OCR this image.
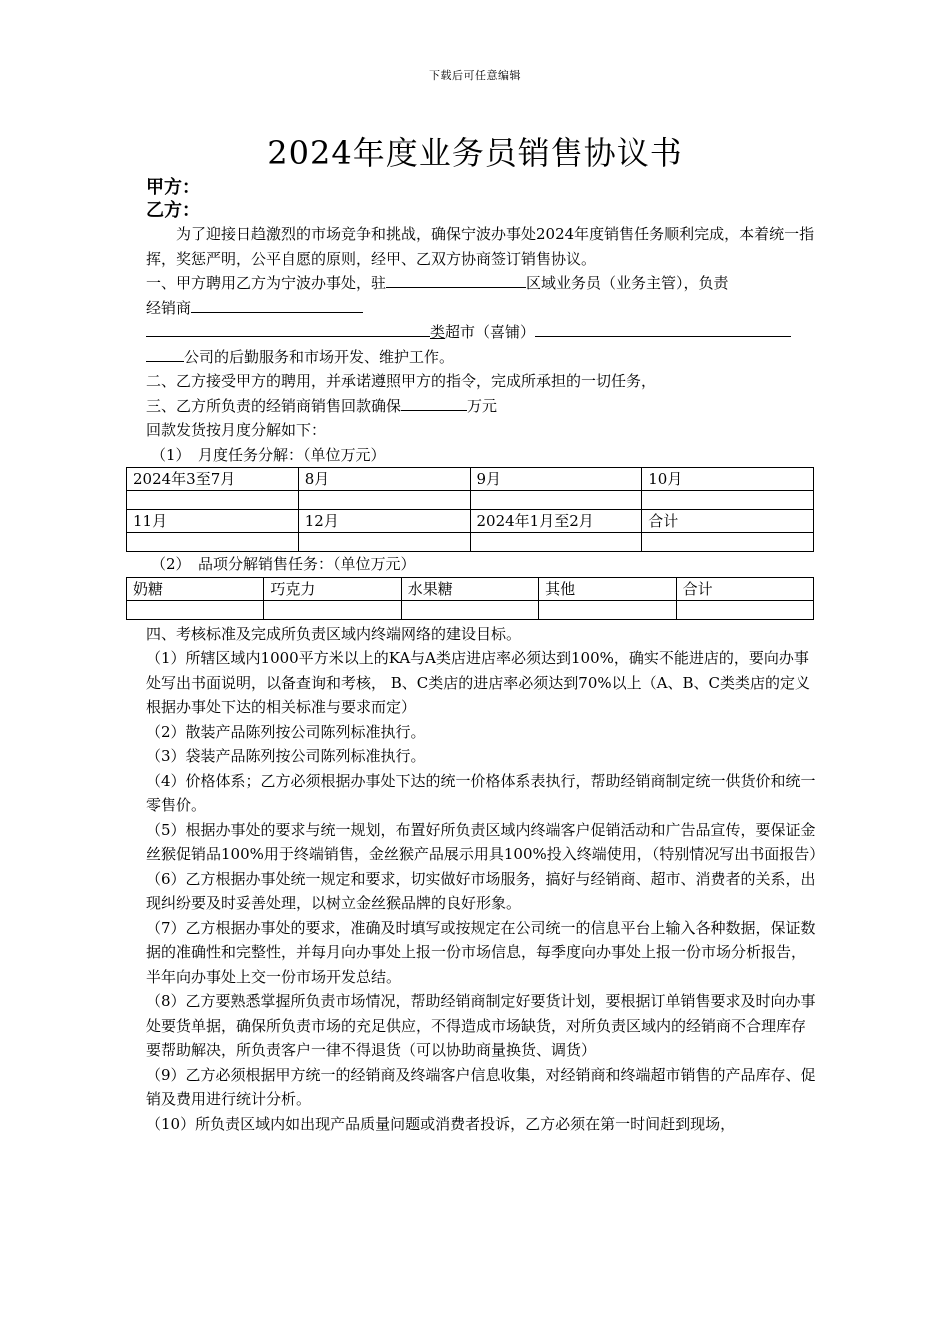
下载后可任意编辑
2024年度业务员销售协议书
甲方：
乙方：

为了迎接日趋激烈的市场竞争和挑战，确保宁波办事处2024年度销售任务顺利完成，本着统一指挥，奖惩严明，公平自愿的原则，经甲、乙双方协商签订销售协议。

一、甲方聘用乙方为宁波办事处，驻	区域业务员（业务主管），负责
经销商
类超市（喜铺）
公司的后勤服务和市场开发、维护工作。
二、乙方接受甲方的聘用，并承诺遵照甲方的指令，完成所承担的一切任务，
三、乙方所负责的经销商销售回款确保	万元
回款发货按月度分解如下：
（1）　月度任务分解：（单位万元）
2024年3至7月	8月	9月	10月

11月	12月	2024年1月至2月	合计

（2）　品项分解销售任务：（单位万元）
奶糖	巧克力	水果糖	其他	合计

四、考核标准及完成所负责区域内终端网络的建设目标。

（1）所辖区域内1000平方米以上的KA与A类店进店率必须达到100%，确实不能进店的，要向办事处写出书面说明，以备查询和考核， B、C类店的进店率必须达到70%以上（A、B、C类类店的定义根据办事处下达的相关标准与要求而定）

（2）散装产品陈列按公司陈列标准执行。

（3）袋装产品陈列按公司陈列标准执行。

（4）价格体系；乙方必须根据办事处下达的统一价格体系表执行，帮助经销商制定统一供货价和统一零售价。

（5）根据办事处的要求与统一规划，布置好所负责区域内终端客户促销活动和广告品宣传，要保证金丝猴促销品100%用于终端销售，金丝猴产品展示用具100%投入终端使用，（特别情况写出书面报告）

（6）乙方根据办事处统一规定和要求，切实做好市场服务，搞好与经销商、超市、消费者的关系，出现纠纷要及时妥善处理，以树立金丝猴品牌的良好形象。

（7）乙方根据办事处的要求，准确及时填写或按规定在公司统一的信息平台上输入各种数据，保证数据的准确性和完整性，并每月向办事处上报一份市场信息，每季度向办事处上报一份市场分析报告，半年向办事处上交一份市场开发总结。

（8）乙方要熟悉掌握所负责市场情况，帮助经销商制定好要货计划，要根据订单销售要求及时向办事处要货单据，确保所负责市场的充足供应，不得造成市场缺货，对所负责区域内的经销商不合理库存要帮助解决，所负责客户一律不得退货（可以协助商量换货、调货）

（9）乙方必须根据甲方统一的经销商及终端客户信息收集，对经销商和终端超市销售的产品库存、促销及费用进行统计分析。

（10）所负责区域内如出现产品质量问题或消费者投诉，乙方必须在第一时间赶到现场，
